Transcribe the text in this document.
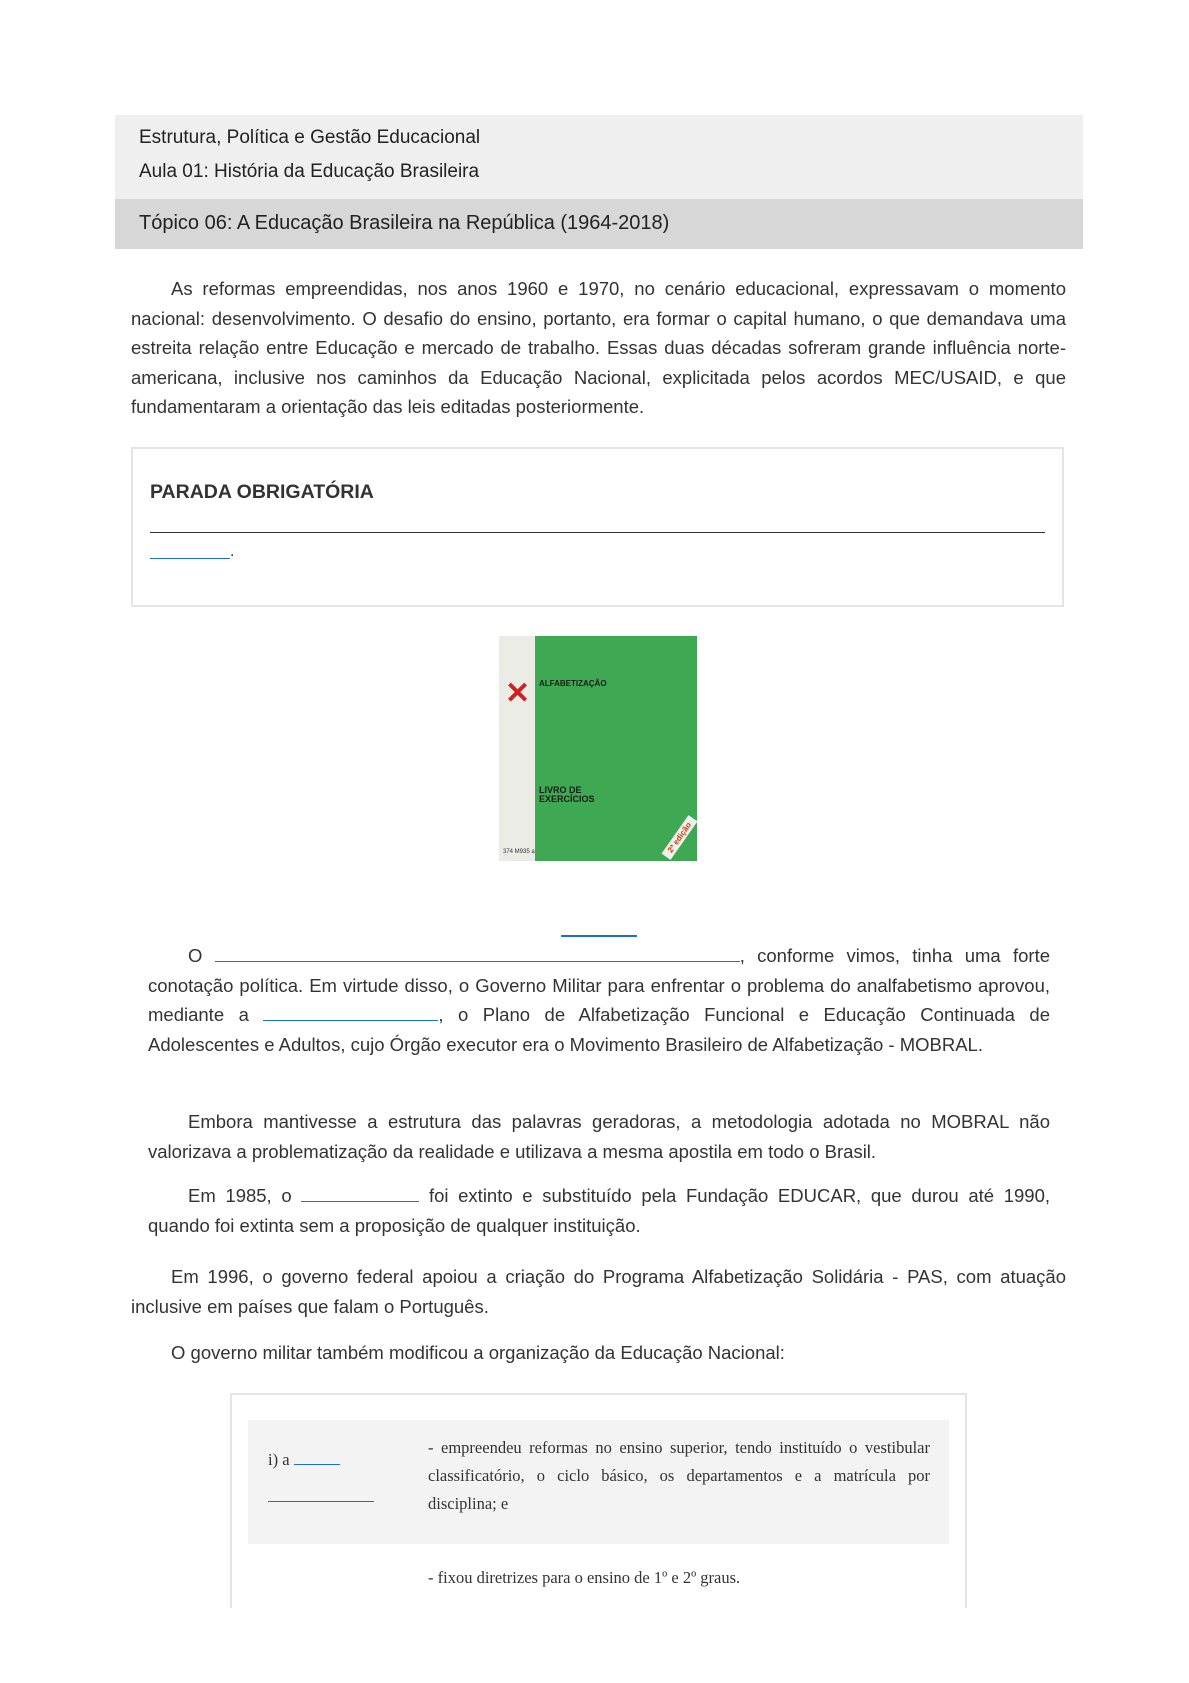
Estrutura, Política e Gestão Educacional
Aula 01: História da Educação Brasileira
Tópico 06: A Educação Brasileira na República (1964-2018)
As reformas empreendidas, nos anos 1960 e 1970, no cenário educacional, expressavam o momento nacional: desenvolvimento. O desafio do ensino, portanto, era formar o capital humano, o que demandava uma estreita relação entre Educação e mercado de trabalho. Essas duas décadas sofreram grande influência norte-americana, inclusive nos caminhos da Educação Nacional, explicitada pelos acordos MEC/USAID, e que fundamentaram a orientação das leis editadas posteriormente.
PARADA OBRIGATÓRIA
.
✕ ALFABETIZAÇÃO
LIVRO DE EXERCÍCIOS
2ª edição
374 M935 a
O	, conforme vimos, tinha uma forte conotação política. Em virtude disso, o Governo Militar para enfrentar o problema do analfabetismo aprovou, mediante a	, o Plano de Alfabetização Funcional e Educação Continuada de Adolescentes e Adultos, cujo Órgão executor era o Movimento Brasileiro de Alfabetização - MOBRAL.
Embora mantivesse a estrutura das palavras geradoras, a metodologia adotada no MOBRAL não valorizava a problematização da realidade e utilizava a mesma apostila em todo o Brasil.
Em 1985, o	foi extinto e substituído pela Fundação EDUCAR, que durou até 1990, quando foi extinta sem a proposição de qualquer instituição.
Em 1996, o governo federal apoiou a criação do Programa Alfabetização Solidária - PAS, com atuação inclusive em países que falam o Português.
O governo militar também modificou a organização da Educação Nacional:
i) a
- empreendeu reformas no ensino superior, tendo instituído o vestibular classificatório, o ciclo básico, os departamentos e a matrícula por disciplina; e
- fixou diretrizes para o ensino de 1º e 2º graus.
